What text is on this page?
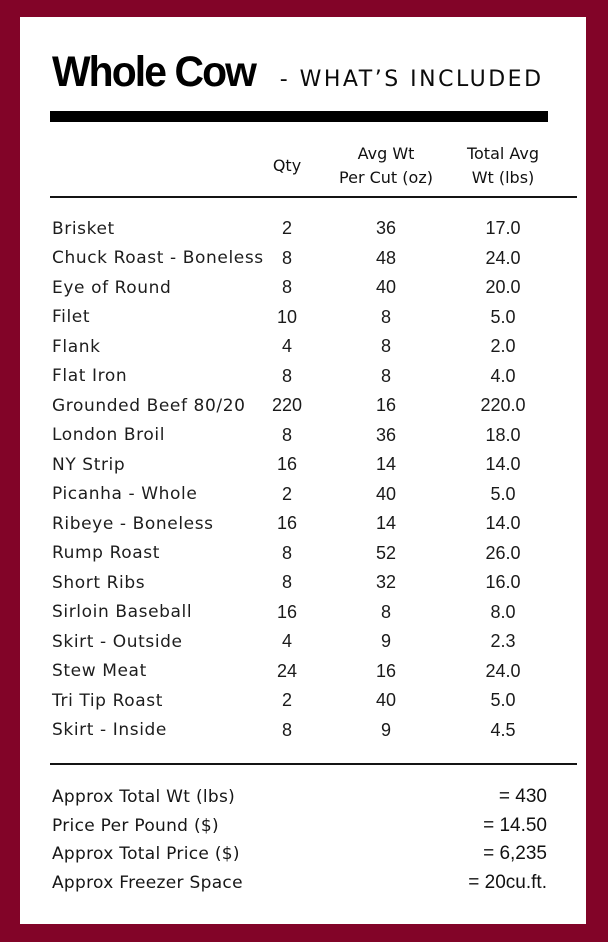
Whole Cow - WHAT’S INCLUDED
Qty
Avg Wt
Per Cut (oz)
Total Avg
Wt (lbs)
Brisket	2	36	17.0
Chuck Roast - Boneless	8	48	24.0
Eye of Round	8	40	20.0
Filet	10	8	5.0
Flank	4	8	2.0
Flat Iron	8	8	4.0
Grounded Beef 80/20	220	16	220.0
London Broil	8	36	18.0
NY Strip	16	14	14.0
Picanha - Whole	2	40	5.0
Ribeye - Boneless	16	14	14.0
Rump Roast	8	52	26.0
Short Ribs	8	32	16.0
Sirloin Baseball	16	8	8.0
Skirt - Outside	4	9	2.3
Stew Meat	24	16	24.0
Tri Tip Roast	2	40	5.0
Skirt - Inside	8	9	4.5
Approx Total Wt (lbs)	= 430
Price Per Pound ($)	= 14.50
Approx Total Price ($)	= 6,235
Approx Freezer Space	= 20cu.ft.
